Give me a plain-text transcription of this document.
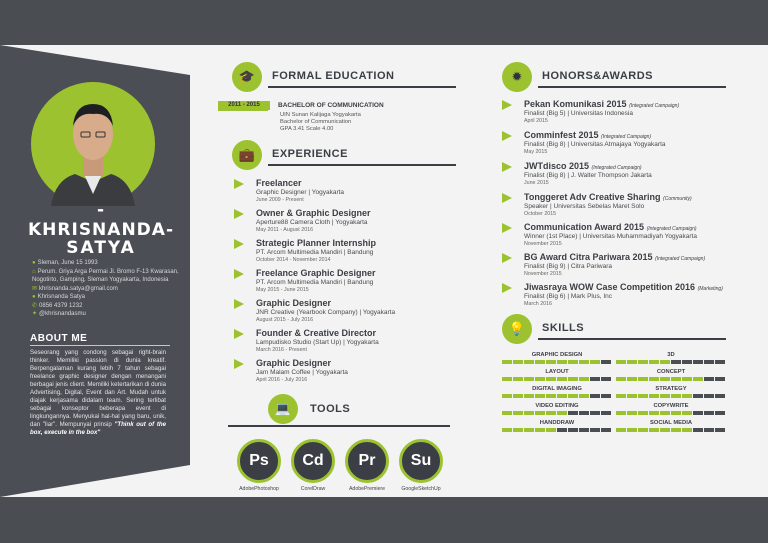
-KHRISNANDA-
SATYA
● Sleman, June 15 1993
⌂ Perum. Griya Arga Permai Jl. Bromo F-13 Kwarasan, Nogotirto, Gamping, Sleman Yogyakarta, Indonesia
✉ khrisnanda.satya@gmail.com
● Khrisnanda Satya
✆ 0856 4379 1232
✦ @khrisnandasmu
ABOUT ME
Seseorang yang condong sebagai right-brain thinker. Memiliki passion di dunia kreatif. Berpengalaman kurang lebih 7 tahun sebagai freelance graphic designer dengan menangani berbagai jenis client. Memiliki ketertarikan di dunia Advertising, Digital, Event dan Art. Mudah untuk diajak kerjasama didalam team. Sering terlibat sebagai konseptor beberapa event di lingkungannya. Menyukai hal-hal yang baru, unik, dan "liar". Mempunyai prinsip "Think out of the box, execute in the box"
🎓	FORMAL EDUCATION
2011 - 2015	BACHELOR OF COMMUNICATION
UIN Sunan Kalijaga Yogyakarta
Bachelor of Communication
GPA 3.41 Scale 4.00
💼	EXPERIENCE
Freelancer
Graphic Designer | Yogyakarta
June 2009 - Present
Owner & Graphic Designer
Aperture88 Camera Cloth | Yogyakarta
May 2011 - August 2016
Strategic Planner Internship
PT. Arcom Multimedia Mandiri | Bandung
October 2014 - November 2014
Freelance Graphic Designer
PT. Arcom Multimedia Mandiri | Bandung
May 2015 - June 2015
Graphic Designer
JNR Creative (Yearbook Company) | Yogyakarta
August 2015 - July 2016
Founder & Creative Director
Lampudisko Studio (Start Up) | Yogyakarta
March 2016 - Present
Graphic Designer
Jam Malam Coffee | Yogyakarta
April 2016 - July 2016
💻	TOOLS
Ps
AdobePhotoshop
Cd
CorelDraw
Pr
AdobePremiere
Su
GoogleSketchUp
✹	HONORS&AWARDS
Pekan Komunikasi 2015 (Integrated Campaign)
Finalist (Big 5) | Universitas Indonesia
April 2015
Comminfest 2015 (Integrated Campaign)
Finalist (Big 8) | Universitas Atmajaya Yogyakarta
May 2015
JWTdisco 2015 (Integrated Campaign)
Finalist (Big 8) | J. Walter Thompson Jakarta
June 2015
Tonggeret Adv Creative Sharing (Community)
Speaker | Universitas Sebelas Maret Solo
October 2015
Communication Award 2015 (Integrated Campaign)
Winner (1st Place) | Universitas Muhammadiyah Yogyakarta
November 2015
BG Award Citra Pariwara 2015 (Integrated Campaign)
Finalist (Big 9) | Citra Pariwara
November 2015
Jiwasraya WOW Case Competition 2016 (Marketing)
Finalist (Big 6) | Mark Plus, Inc
March 2016
💡	SKILLS
GRAPHIC DESIGN	3D
LAYOUT	CONCEPT
DIGITAL IMAGING	STRATEGY
VIDEO EDITING	COPYWRITE
HANDDRAW	SOCIAL MEDIA
